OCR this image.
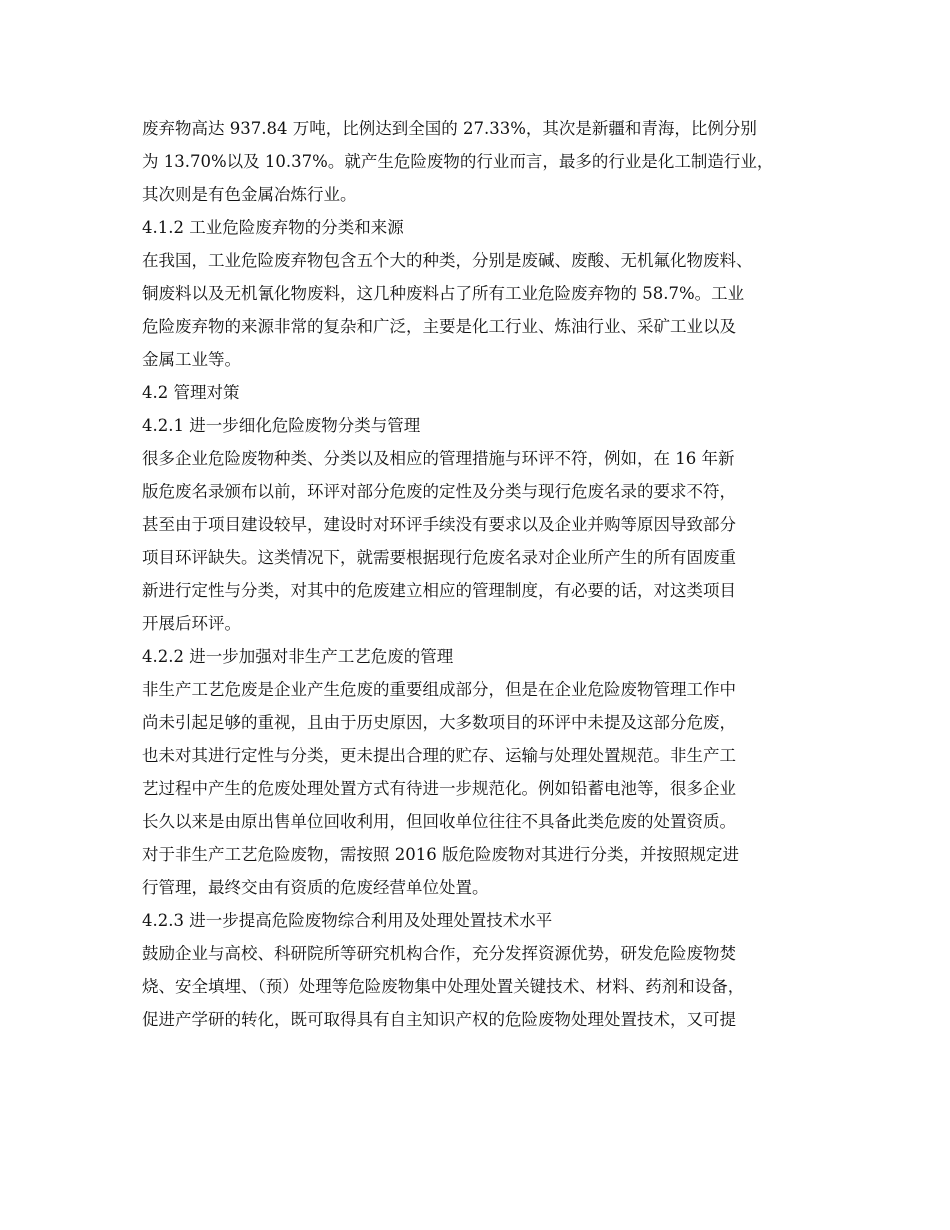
废弃物高达 937.84 万吨，比例达到全国的 27.33%，其次是新疆和青海，比例分别
为 13.70%以及 10.37%。就产生危险废物的行业而言，最多的行业是化工制造行业，
其次则是有色金属冶炼行业。
4.1.2 工业危险废弃物的分类和来源
在我国，工业危险废弃物包含五个大的种类，分别是废碱、废酸、无机氟化物废料、
铜废料以及无机氰化物废料，这几种废料占了所有工业危险废弃物的 58.7%。工业
危险废弃物的来源非常的复杂和广泛，主要是化工行业、炼油行业、采矿工业以及
金属工业等。
4.2 管理对策
4.2.1 进一步细化危险废物分类与管理
很多企业危险废物种类、分类以及相应的管理措施与环评不符，例如，在 16 年新
版危废名录颁布以前，环评对部分危废的定性及分类与现行危废名录的要求不符，
甚至由于项目建设较早，建设时对环评手续没有要求以及企业并购等原因导致部分
项目环评缺失。这类情况下，就需要根据现行危废名录对企业所产生的所有固废重
新进行定性与分类，对其中的危废建立相应的管理制度，有必要的话，对这类项目
开展后环评。
4.2.2 进一步加强对非生产工艺危废的管理
非生产工艺危废是企业产生危废的重要组成部分，但是在企业危险废物管理工作中
尚未引起足够的重视，且由于历史原因，大多数项目的环评中未提及这部分危废，
也未对其进行定性与分类，更未提出合理的贮存、运输与处理处置规范。非生产工
艺过程中产生的危废处理处置方式有待进一步规范化。例如铅蓄电池等，很多企业
长久以来是由原出售单位回收利用，但回收单位往往不具备此类危废的处置资质。
对于非生产工艺危险废物，需按照 2016 版危险废物对其进行分类，并按照规定进
行管理，最终交由有资质的危废经营单位处置。
4.2.3 进一步提高危险废物综合利用及处理处置技术水平
鼓励企业与高校、科研院所等研究机构合作，充分发挥资源优势，研发危险废物焚
烧、安全填埋、（预）处理等危险废物集中处理处置关键技术、材料、药剂和设备，
促进产学研的转化，既可取得具有自主知识产权的危险废物处理处置技术，又可提
